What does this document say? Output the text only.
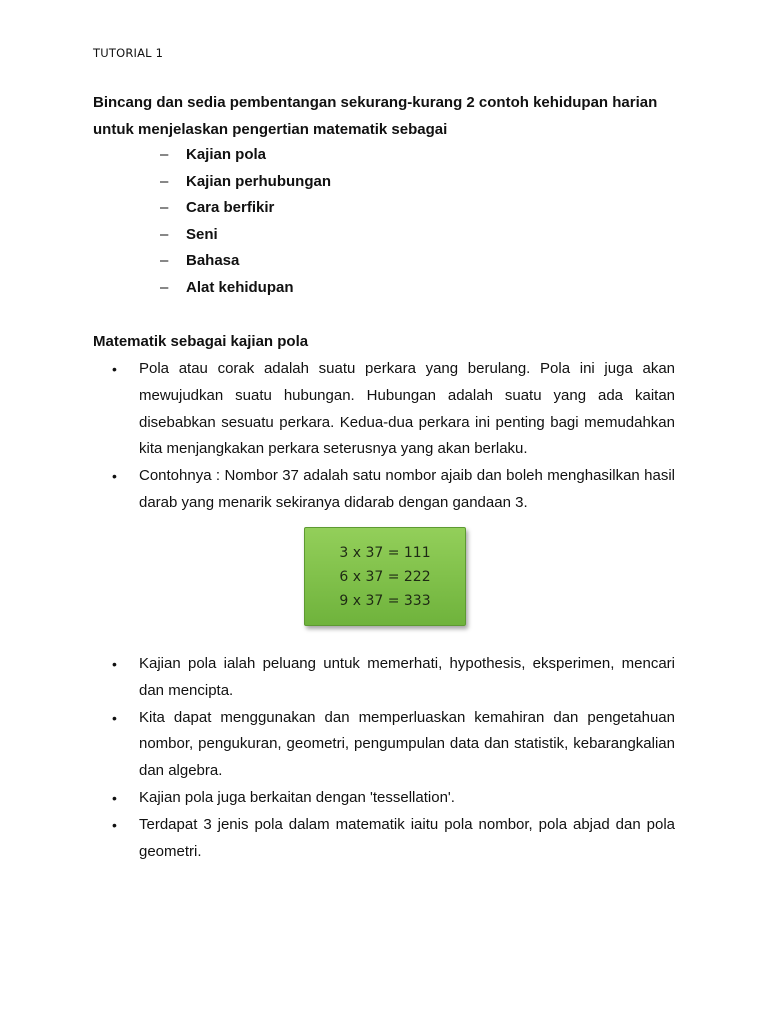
TUTORIAL 1
Bincang dan sedia pembentangan sekurang-kurang 2 contoh kehidupan harian untuk menjelaskan pengertian matematik sebagai
– Kajian pola
– Kajian perhubungan
– Cara berfikir
– Seni
– Bahasa
– Alat kehidupan
Matematik sebagai kajian pola
•	Pola atau corak adalah suatu perkara yang berulang. Pola ini juga akan mewujudkan suatu hubungan. Hubungan adalah suatu yang ada kaitan disebabkan sesuatu perkara. Kedua-dua perkara ini penting bagi memudahkan kita menjangkakan perkara seterusnya yang akan berlaku.
•	Contohnya : Nombor 37 adalah satu nombor ajaib dan boleh menghasilkan hasil darab yang menarik sekiranya didarab dengan gandaan 3.
3 x 37 = 111
6 x 37 = 222
9 x 37 = 333
•	Kajian pola ialah peluang untuk memerhati, hypothesis, eksperimen, mencari dan mencipta.
•	Kita dapat menggunakan dan memperluaskan kemahiran dan pengetahuan nombor, pengukuran, geometri, pengumpulan data dan statistik, kebarangkalian dan algebra.
•	Kajian pola juga berkaitan dengan 'tessellation'.
•	Terdapat 3 jenis pola dalam matematik iaitu pola nombor, pola abjad dan pola geometri.
